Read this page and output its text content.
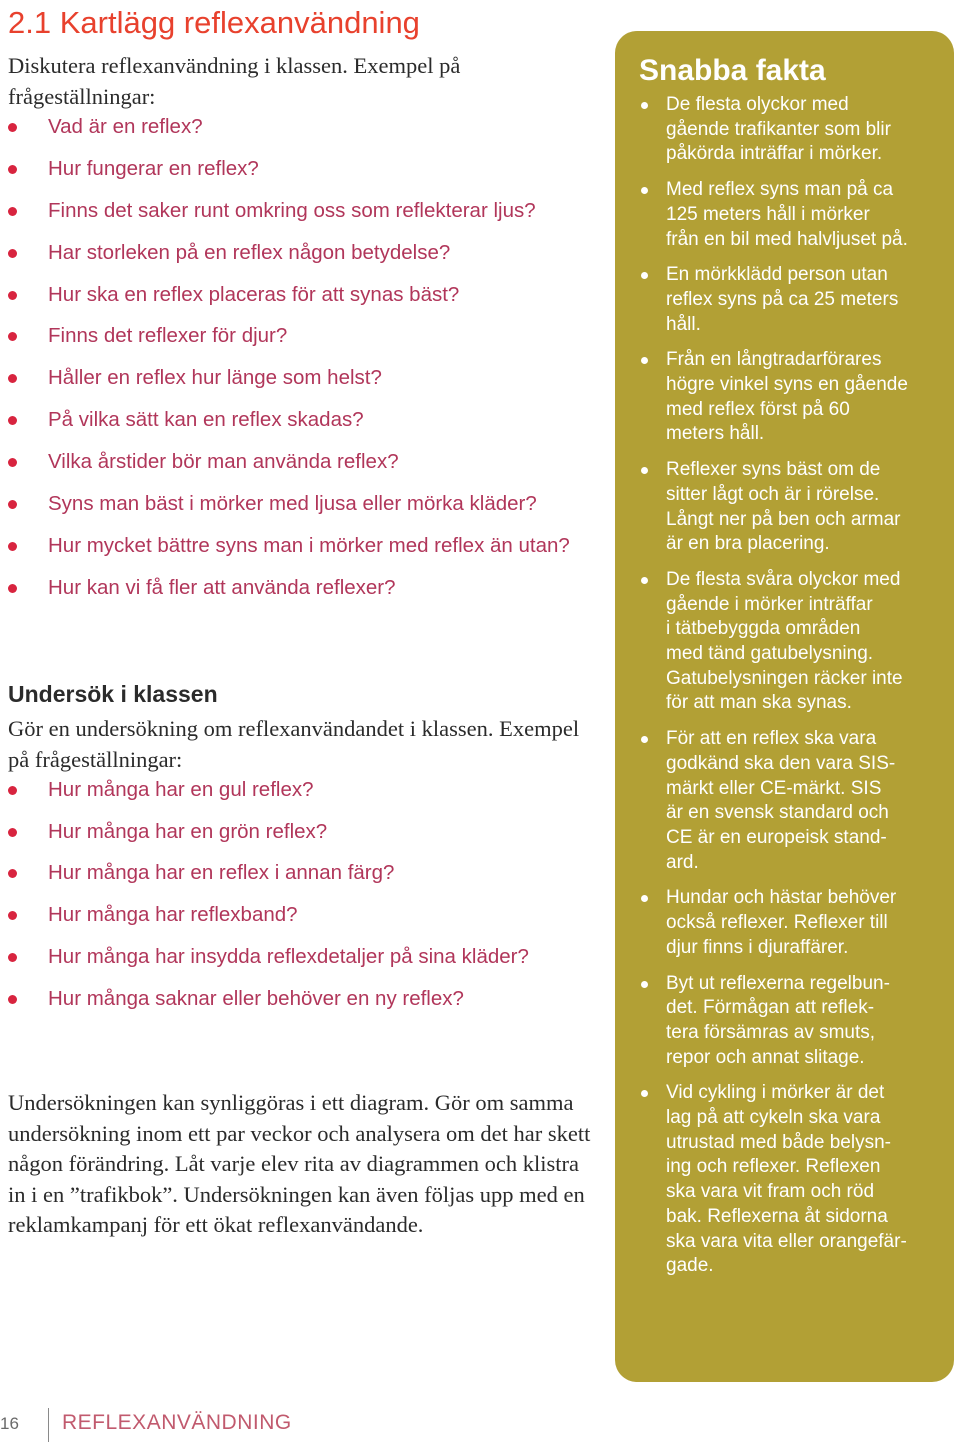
2.1 Kartlägg reflexanvändning

Diskutera reflexanvändning i klassen. Exempel på frågeställningar:

Vad är en reflex?
Hur fungerar en reflex?
Finns det saker runt omkring oss som reflekterar ljus?
Har storleken på en reflex någon betydelse?
Hur ska en reflex placeras för att synas bäst?
Finns det reflexer för djur?
Håller en reflex hur länge som helst?
På vilka sätt kan en reflex skadas?
Vilka årstider bör man använda reflex?
Syns man bäst i mörker med ljusa eller mörka kläder?
Hur mycket bättre syns man i mörker med reflex än utan?
Hur kan vi få fler att använda reflexer?
Undersök i klassen

Gör en undersökning om reflexanvändandet i klassen. Exempel på frågeställningar:

Hur många har en gul reflex?
Hur många har en grön reflex?
Hur många har en reflex i annan färg?
Hur många har reflexband?
Hur många har insydda reflexdetaljer på sina kläder?
Hur många saknar eller behöver en ny reflex?

Undersökningen kan synliggöras i ett diagram. Gör om samma undersökning inom ett par veckor och analysera om det har skett någon förändring. Låt varje elev rita av diagrammen och klistra in i en ”trafikbok”. Undersökningen kan även följas upp med en reklamkampanj för ett ökat reflexanvändande.

Snabba fakta
De flesta olyckor med
gående trafikanter som blir
påkörda inträffar i mörker.
Med reflex syns man på ca
125 meters håll i mörker
från en bil med halvljuset på.
En mörkklädd person utan
reflex syns på ca 25 meters
håll.
Från en långtradarförares
högre vinkel syns en gående
med reflex först på 60
meters håll.
Reflexer syns bäst om de
sitter lågt och är i rörelse.
Långt ner på ben och armar
är en bra placering.
De flesta svåra olyckor med
gående i mörker inträffar
i tätbebyggda områden
med tänd gatubelysning.
Gatubelysningen räcker inte
för att man ska synas.
För att en reflex ska vara
godkänd ska den vara SIS-
märkt eller CE-märkt. SIS
är en svensk standard och
CE är en europeisk stand-
ard.
Hundar och hästar behöver
också reflexer. Reflexer till
djur finns i djuraffärer.
Byt ut reflexerna regelbun-
det. Förmågan att reflek-
tera försämras av smuts,
repor och annat slitage.
Vid cykling i mörker är det
lag på att cykeln ska vara
utrustad med både belysn-
ing och reflexer. Reflexen
ska vara vit fram och röd
bak. Reflexerna åt sidorna
ska vara vita eller orangefär-
gade.
16 REFLEXANVÄNDNING
